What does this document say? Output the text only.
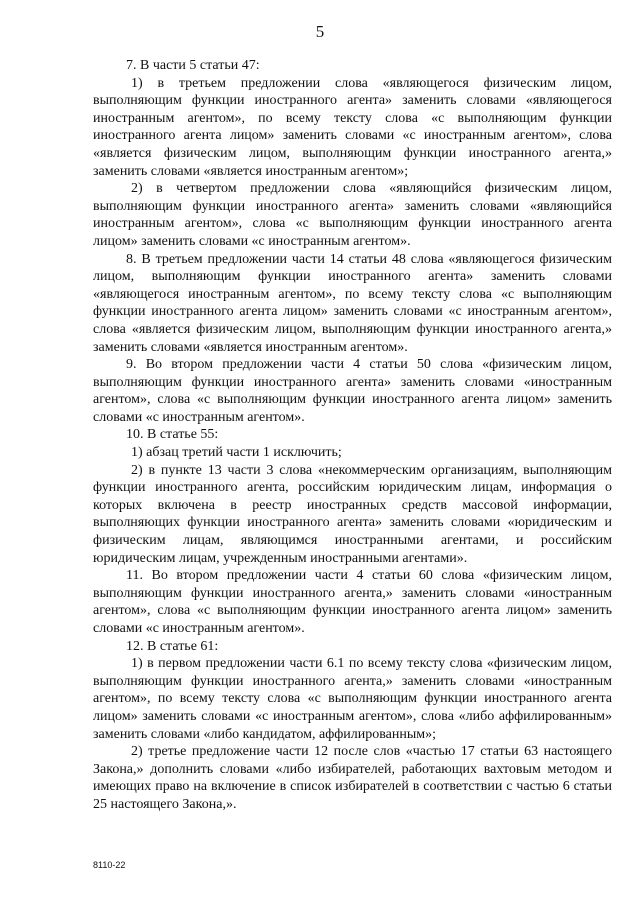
5

7. В части 5 статьи 47:

1) в третьем предложении слова «являющегося физическим лицом, выполняющим функции иностранного агента» заменить словами «являющегося иностранным агентом», по всему тексту слова «с выполняющим функции иностранного агента лицом» заменить словами «с иностранным агентом», слова «является физическим лицом, выполняющим функции иностранного агента,» заменить словами «является иностранным агентом»;

2) в четвертом предложении слова «являющийся физическим лицом, выполняющим функции иностранного агента» заменить словами «являющийся иностранным агентом», слова «с выполняющим функции иностранного агента лицом» заменить словами «с иностранным агентом».

8. В третьем предложении части 14 статьи 48 слова «являющегося физическим лицом, выполняющим функции иностранного агента» заменить словами «являющегося иностранным агентом», по всему тексту слова «с выполняющим функции иностранного агента лицом» заменить словами «с иностранным агентом», слова «является физическим лицом, выполняющим функции иностранного агента,» заменить словами «является иностранным агентом».

9. Во втором предложении части 4 статьи 50 слова «физическим лицом, выполняющим функции иностранного агента» заменить словами «иностранным агентом», слова «с выполняющим функции иностранного агента лицом» заменить словами «с иностранным агентом».

10. В статье 55:

1) абзац третий части 1 исключить;

2) в пункте 13 части 3 слова «некоммерческим организациям, выполняющим функции иностранного агента, российским юридическим лицам, информация о которых включена в реестр иностранных средств массовой информации, выполняющих функции иностранного агента» заменить словами «юридическим и физическим лицам, являющимся иностранными агентами, и российским юридическим лицам, учрежденным иностранными агентами».

11. Во втором предложении части 4 статьи 60 слова «физическим лицом, выполняющим функции иностранного агента,» заменить словами «иностранным агентом», слова «с выполняющим функции иностранного агента лицом» заменить словами «с иностранным агентом».

12. В статье 61:

1) в первом предложении части 6.1 по всему тексту слова «физическим лицом, выполняющим функции иностранного агента,» заменить словами «иностранным агентом», по всему тексту слова «с выполняющим функции иностранного агента лицом» заменить словами «с иностранным агентом», слова «либо аффилированным» заменить словами «либо кандидатом, аффилированным»;

2) третье предложение части 12 после слов «частью 17 статьи 63 настоящего Закона,» дополнить словами «либо избирателей, работающих вахтовым методом и имеющих право на включение в список избирателей в соответствии с частью 6 статьи 25 настоящего Закона,».

8110-22
